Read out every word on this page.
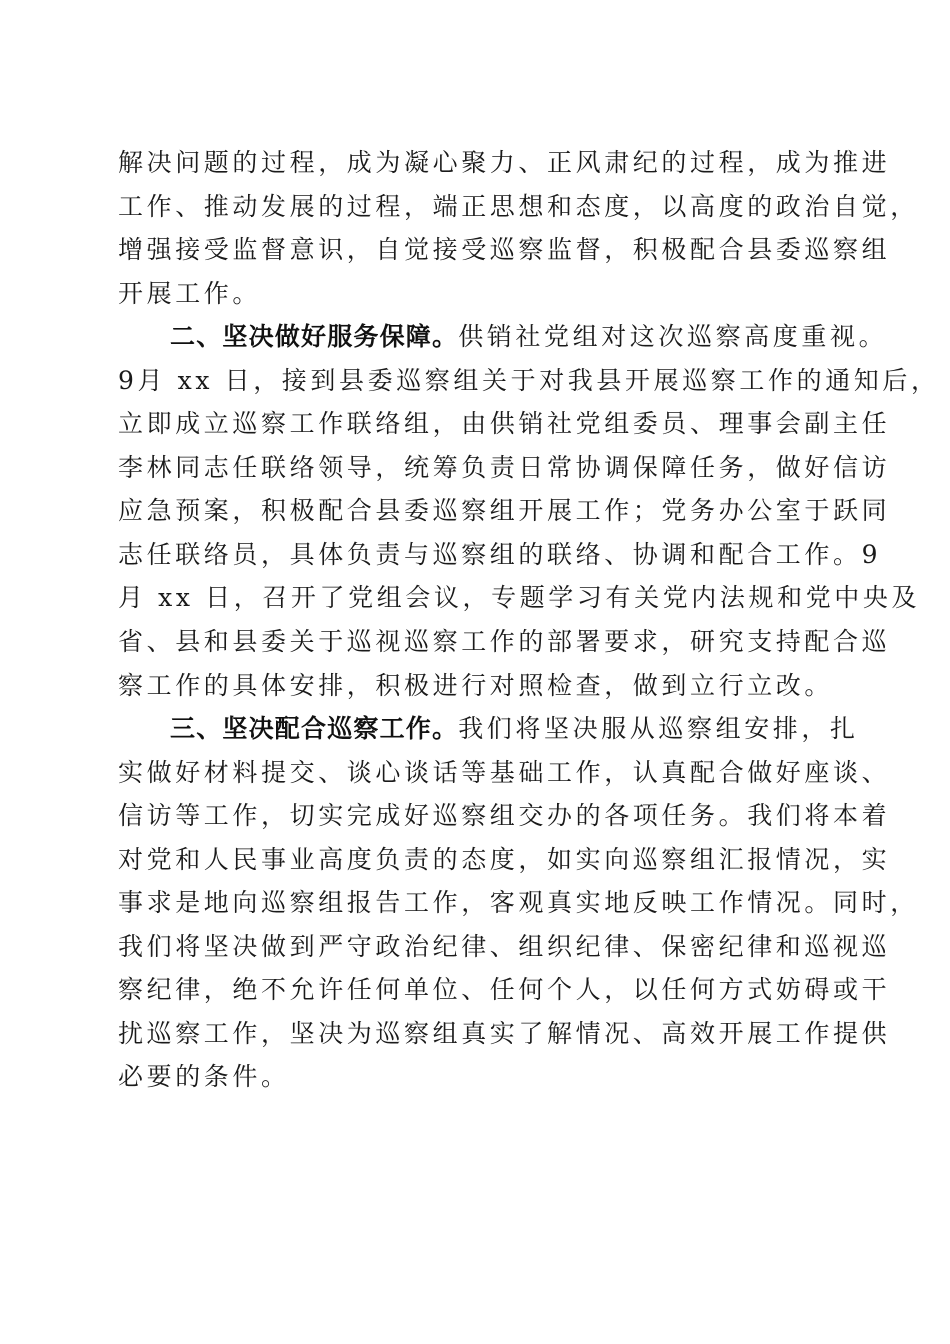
解决问题的过程，成为凝心聚力、正风肃纪的过程，成为推进
工作、推动发展的过程，端正思想和态度，以高度的政治自觉，
增强接受监督意识，自觉接受巡察监督，积极配合县委巡察组
开展工作。
二、坚决做好服务保障。供销社党组对这次巡察高度重视。
9月 xx 日，接到县委巡察组关于对我县开展巡察工作的通知后，
立即成立巡察工作联络组，由供销社党组委员、理事会副主任
李林同志任联络领导，统筹负责日常协调保障任务，做好信访
应急预案，积极配合县委巡察组开展工作；党务办公室于跃同
志任联络员，具体负责与巡察组的联络、协调和配合工作。9
月 xx 日，召开了党组会议，专题学习有关党内法规和党中央及
省、县和县委关于巡视巡察工作的部署要求，研究支持配合巡
察工作的具体安排，积极进行对照检查，做到立行立改。
三、坚决配合巡察工作。我们将坚决服从巡察组安排，扎
实做好材料提交、谈心谈话等基础工作，认真配合做好座谈、
信访等工作，切实完成好巡察组交办的各项任务。我们将本着
对党和人民事业高度负责的态度，如实向巡察组汇报情况，实
事求是地向巡察组报告工作，客观真实地反映工作情况。同时，
我们将坚决做到严守政治纪律、组织纪律、保密纪律和巡视巡
察纪律，绝不允许任何单位、任何个人，以任何方式妨碍或干
扰巡察工作，坚决为巡察组真实了解情况、高效开展工作提供
必要的条件。
